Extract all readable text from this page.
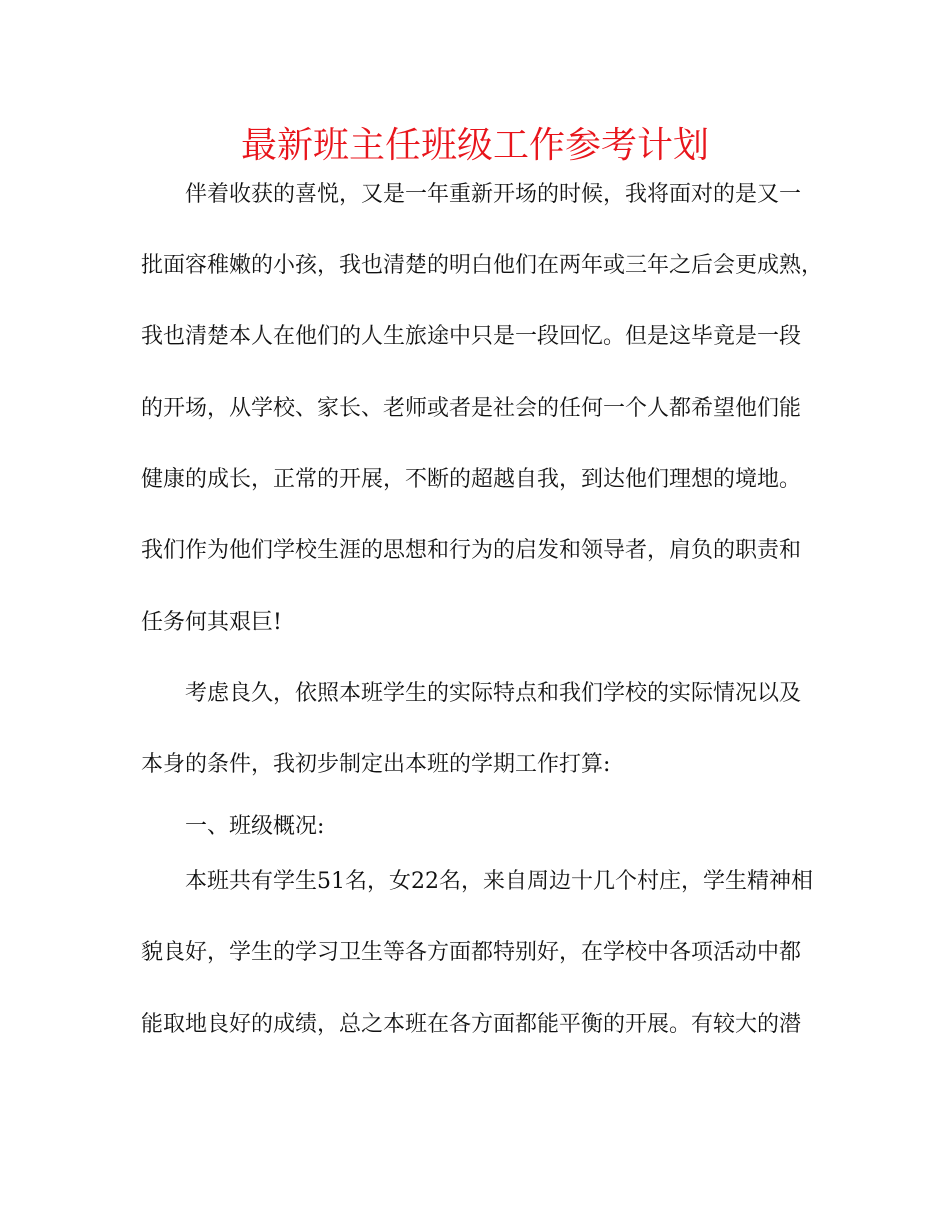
最新班主任班级工作参考计划
伴着收获的喜悦，又是一年重新开场的时候，我将面对的是又一
批面容稚嫩的小孩，我也清楚的明白他们在两年或三年之后会更成熟，
我也清楚本人在他们的人生旅途中只是一段回忆。但是这毕竟是一段
的开场，从学校、家长、老师或者是社会的任何一个人都希望他们能
健康的成长，正常的开展，不断的超越自我，到达他们理想的境地。
我们作为他们学校生涯的思想和行为的启发和领导者，肩负的职责和
任务何其艰巨!
考虑良久，依照本班学生的实际特点和我们学校的实际情况以及
本身的条件，我初步制定出本班的学期工作打算:
一、班级概况:
本班共有学生51名，女22名，来自周边十几个村庄，学生精神相
貌良好，学生的学习卫生等各方面都特别好，在学校中各项活动中都
能取地良好的成绩，总之本班在各方面都能平衡的开展。有较大的潜
